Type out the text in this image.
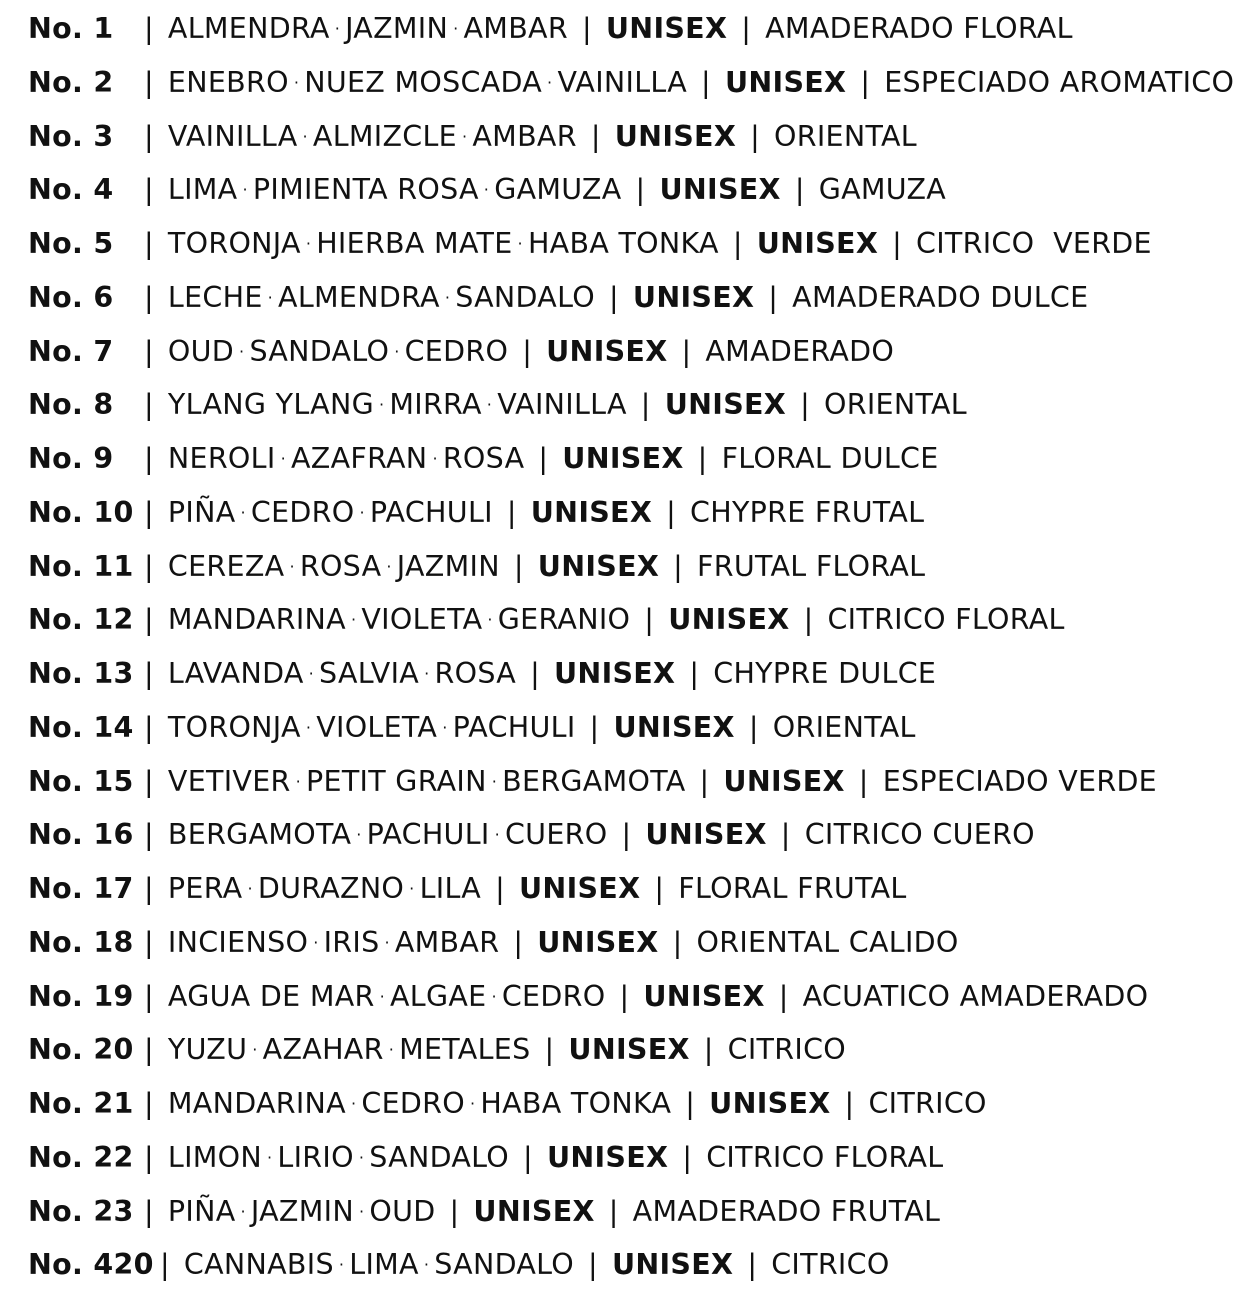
No. 1 | ALMENDRA · JAZMIN · AMBAR | UNISEX | AMADERADO FLORAL
No. 2 | ENEBRO · NUEZ MOSCADA · VAINILLA | UNISEX | ESPECIADO AROMATICO
No. 3 | VAINILLA · ALMIZCLE · AMBAR | UNISEX | ORIENTAL
No. 4 | LIMA · PIMIENTA ROSA · GAMUZA | UNISEX | GAMUZA
No. 5 | TORONJA · HIERBA MATE · HABA TONKA | UNISEX | CITRICO  VERDE
No. 6 | LECHE · ALMENDRA · SANDALO | UNISEX | AMADERADO DULCE
No. 7 | OUD · SANDALO · CEDRO | UNISEX | AMADERADO
No. 8 | YLANG YLANG · MIRRA · VAINILLA | UNISEX | ORIENTAL
No. 9 | NEROLI · AZAFRAN · ROSA | UNISEX | FLORAL DULCE
No. 10 | PIÑA · CEDRO · PACHULI | UNISEX | CHYPRE FRUTAL
No. 11 | CEREZA · ROSA · JAZMIN | UNISEX | FRUTAL FLORAL
No. 12 | MANDARINA · VIOLETA · GERANIO | UNISEX | CITRICO FLORAL
No. 13 | LAVANDA · SALVIA · ROSA | UNISEX | CHYPRE DULCE
No. 14 | TORONJA · VIOLETA · PACHULI | UNISEX | ORIENTAL
No. 15 | VETIVER · PETIT GRAIN · BERGAMOTA | UNISEX | ESPECIADO VERDE
No. 16 | BERGAMOTA · PACHULI · CUERO | UNISEX | CITRICO CUERO
No. 17 | PERA · DURAZNO · LILA | UNISEX | FLORAL FRUTAL
No. 18 | INCIENSO · IRIS · AMBAR | UNISEX | ORIENTAL CALIDO
No. 19 | AGUA DE MAR · ALGAE · CEDRO | UNISEX | ACUATICO AMADERADO
No. 20 | YUZU · AZAHAR · METALES | UNISEX | CITRICO
No. 21 | MANDARINA · CEDRO · HABA TONKA | UNISEX | CITRICO
No. 22 | LIMON · LIRIO · SANDALO | UNISEX | CITRICO FLORAL
No. 23 | PIÑA · JAZMIN · OUD | UNISEX | AMADERADO FRUTAL
No. 420 | CANNABIS · LIMA · SANDALO | UNISEX | CITRICO
